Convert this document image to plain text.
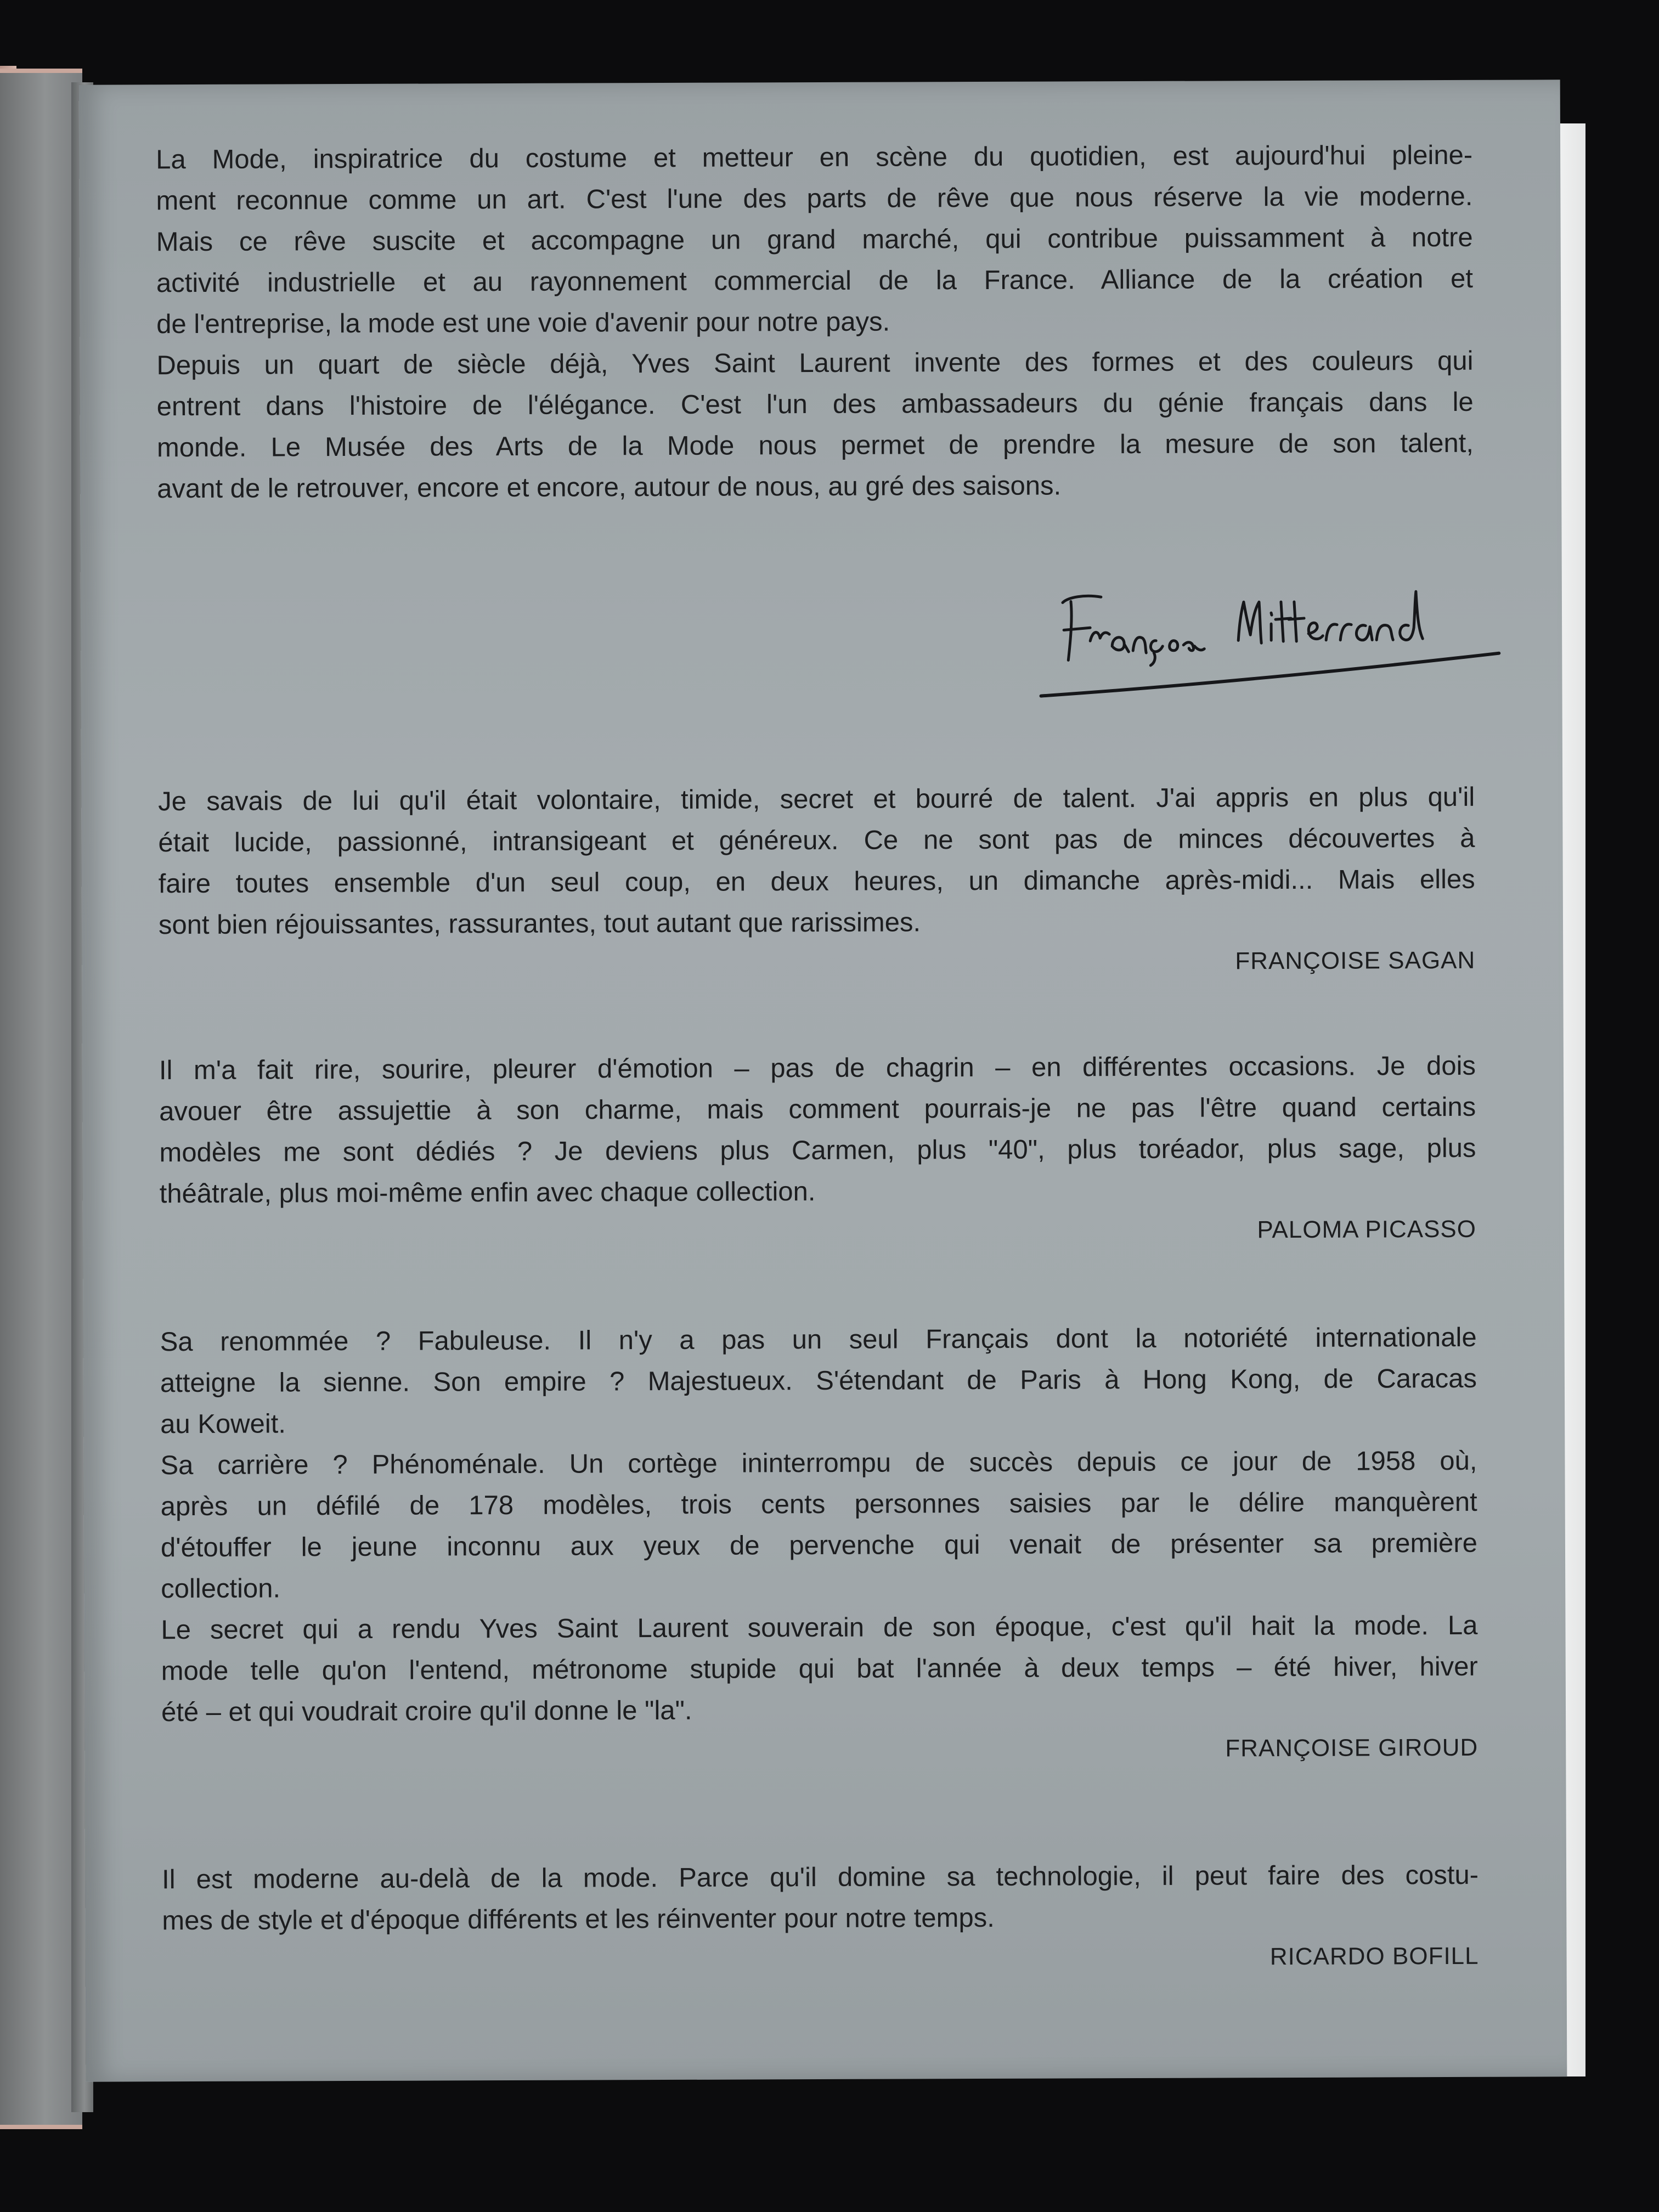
La Mode, inspiratrice du costume et metteur en scène du quotidien, est aujourd'hui pleine-
ment reconnue comme un art. C'est l'une des parts de rêve que nous réserve la vie moderne.
Mais ce rêve suscite et accompagne un grand marché, qui contribue puissamment à notre
activité industrielle et au rayonnement commercial de la France. Alliance de la création et
de l'entreprise, la mode est une voie d'avenir pour notre pays.
Depuis un quart de siècle déjà, Yves Saint Laurent invente des formes et des couleurs qui
entrent dans l'histoire de l'élégance. C'est l'un des ambassadeurs du génie français dans le
monde. Le Musée des Arts de la Mode nous permet de prendre la mesure de son talent,
avant de le retrouver, encore et encore, autour de nous, au gré des saisons.

Je savais de lui qu'il était volontaire, timide, secret et bourré de talent. J'ai appris en plus qu'il
était lucide, passionné, intransigeant et généreux. Ce ne sont pas de minces découvertes à
faire toutes ensemble d'un seul coup, en deux heures, un dimanche après-midi... Mais elles
sont bien réjouissantes, rassurantes, tout autant que rarissimes.

FRANÇOISE SAGAN

Il m'a fait rire, sourire, pleurer d'émotion – pas de chagrin – en différentes occasions. Je dois
avouer être assujettie à son charme, mais comment pourrais-je ne pas l'être quand certains
modèles me sont dédiés ? Je deviens plus Carmen, plus "40", plus toréador, plus sage, plus
théâtrale, plus moi-même enfin avec chaque collection.

PALOMA PICASSO

Sa renommée ? Fabuleuse. Il n'y a pas un seul Français dont la notoriété internationale
atteigne la sienne. Son empire ? Majestueux. S'étendant de Paris à Hong Kong, de Caracas
au Koweit.
Sa carrière ? Phénoménale. Un cortège ininterrompu de succès depuis ce jour de 1958 où,
après un défilé de 178 modèles, trois cents personnes saisies par le délire manquèrent
d'étouffer le jeune inconnu aux yeux de pervenche qui venait de présenter sa première
collection.
Le secret qui a rendu Yves Saint Laurent souverain de son époque, c'est qu'il hait la mode. La
mode telle qu'on l'entend, métronome stupide qui bat l'année à deux temps – été hiver, hiver
été – et qui voudrait croire qu'il donne le "la".

FRANÇOISE GIROUD

Il est moderne au-delà de la mode. Parce qu'il domine sa technologie, il peut faire des costu-
mes de style et d'époque différents et les réinventer pour notre temps.

RICARDO BOFILL
